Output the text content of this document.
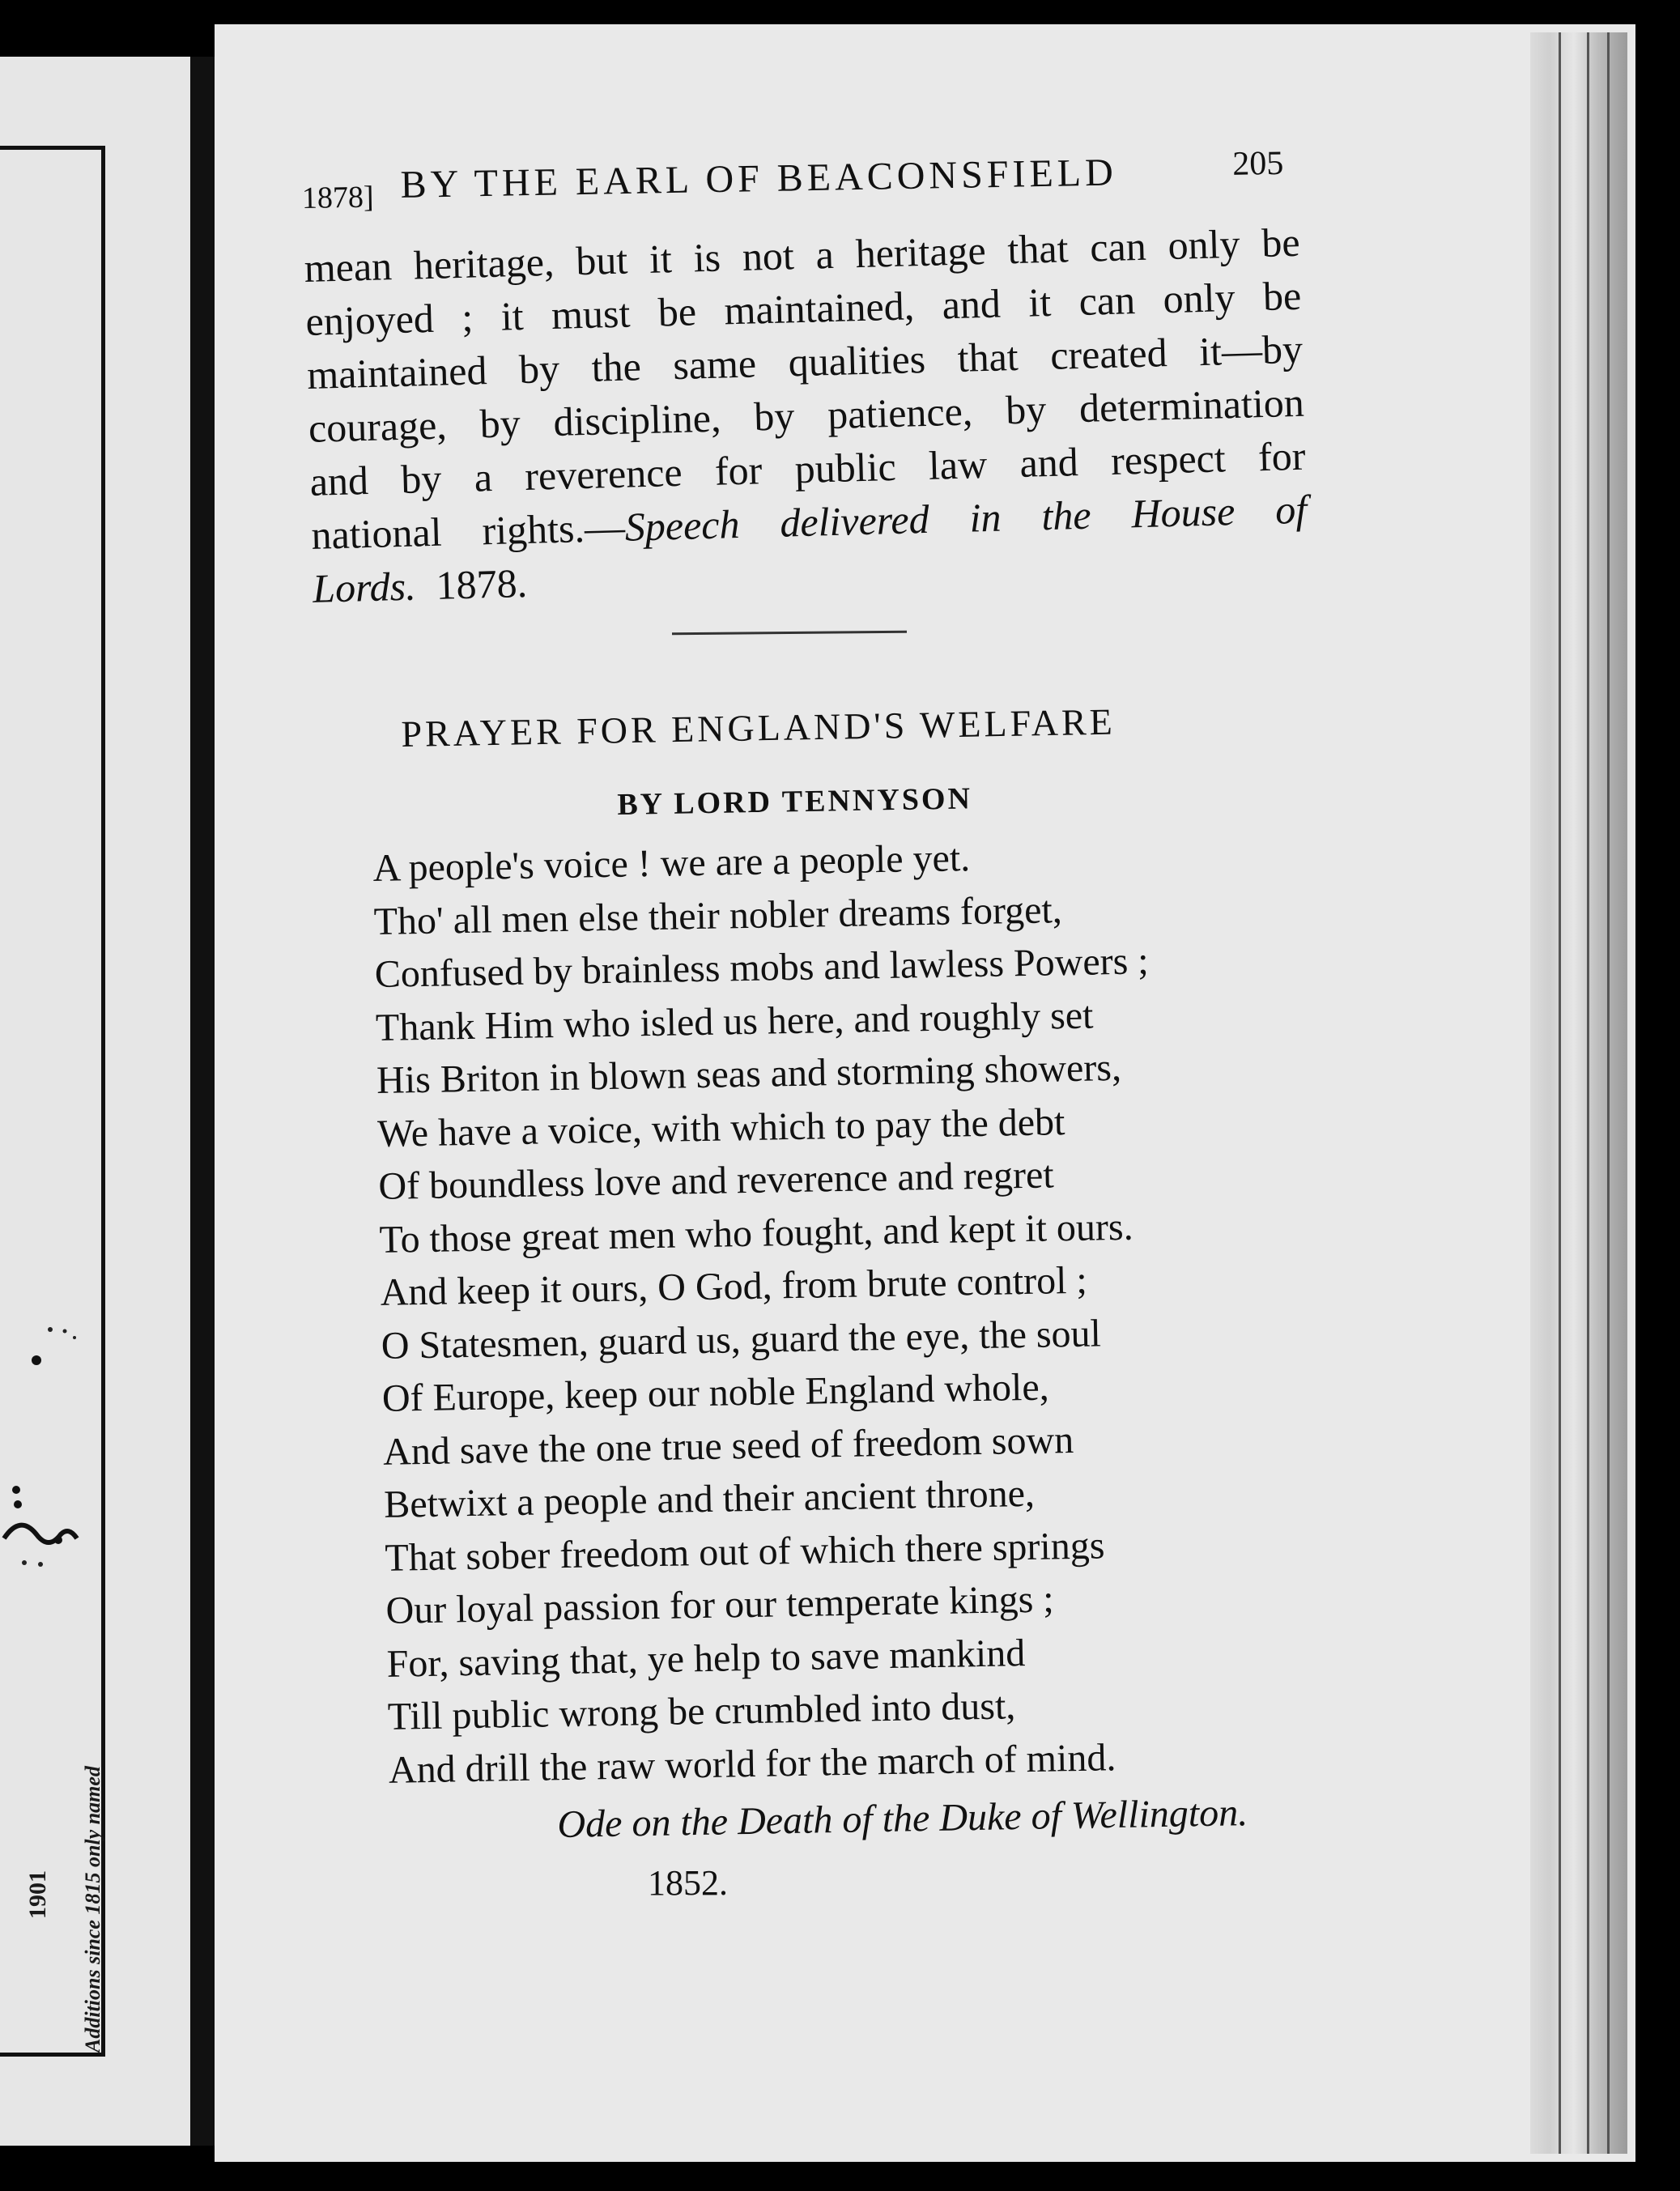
1901 Additions since 1815 only named
1878] BY THE EARL OF BEACONSFIELD	205
mean heritage, but it is not a heritage that can only be
enjoyed ; it must be maintained, and it can only be
maintained by the same qualities that created it—by
courage, by discipline, by patience, by determination
and by a reverence for public law and respect for
national rights.—Speech delivered in the House of
Lords. 1878.
PRAYER FOR ENGLAND'S WELFARE
BY LORD TENNYSON
A people's voice ! we are a people yet.
Tho' all men else their nobler dreams forget,
Confused by brainless mobs and lawless Powers ;
Thank Him who isled us here, and roughly set
His Briton in blown seas and storming showers,
We have a voice, with which to pay the debt
Of boundless love and reverence and regret
To those great men who fought, and kept it ours.
And keep it ours, O God, from brute control ;
O Statesmen, guard us, guard the eye, the soul
Of Europe, keep our noble England whole,
And save the one true seed of freedom sown
Betwixt a people and their ancient throne,
That sober freedom out of which there springs
Our loyal passion for our temperate kings ;
For, saving that, ye help to save mankind
Till public wrong be crumbled into dust,
And drill the raw world for the march of mind.
Ode on the Death of the Duke of Wellington.
1852.
